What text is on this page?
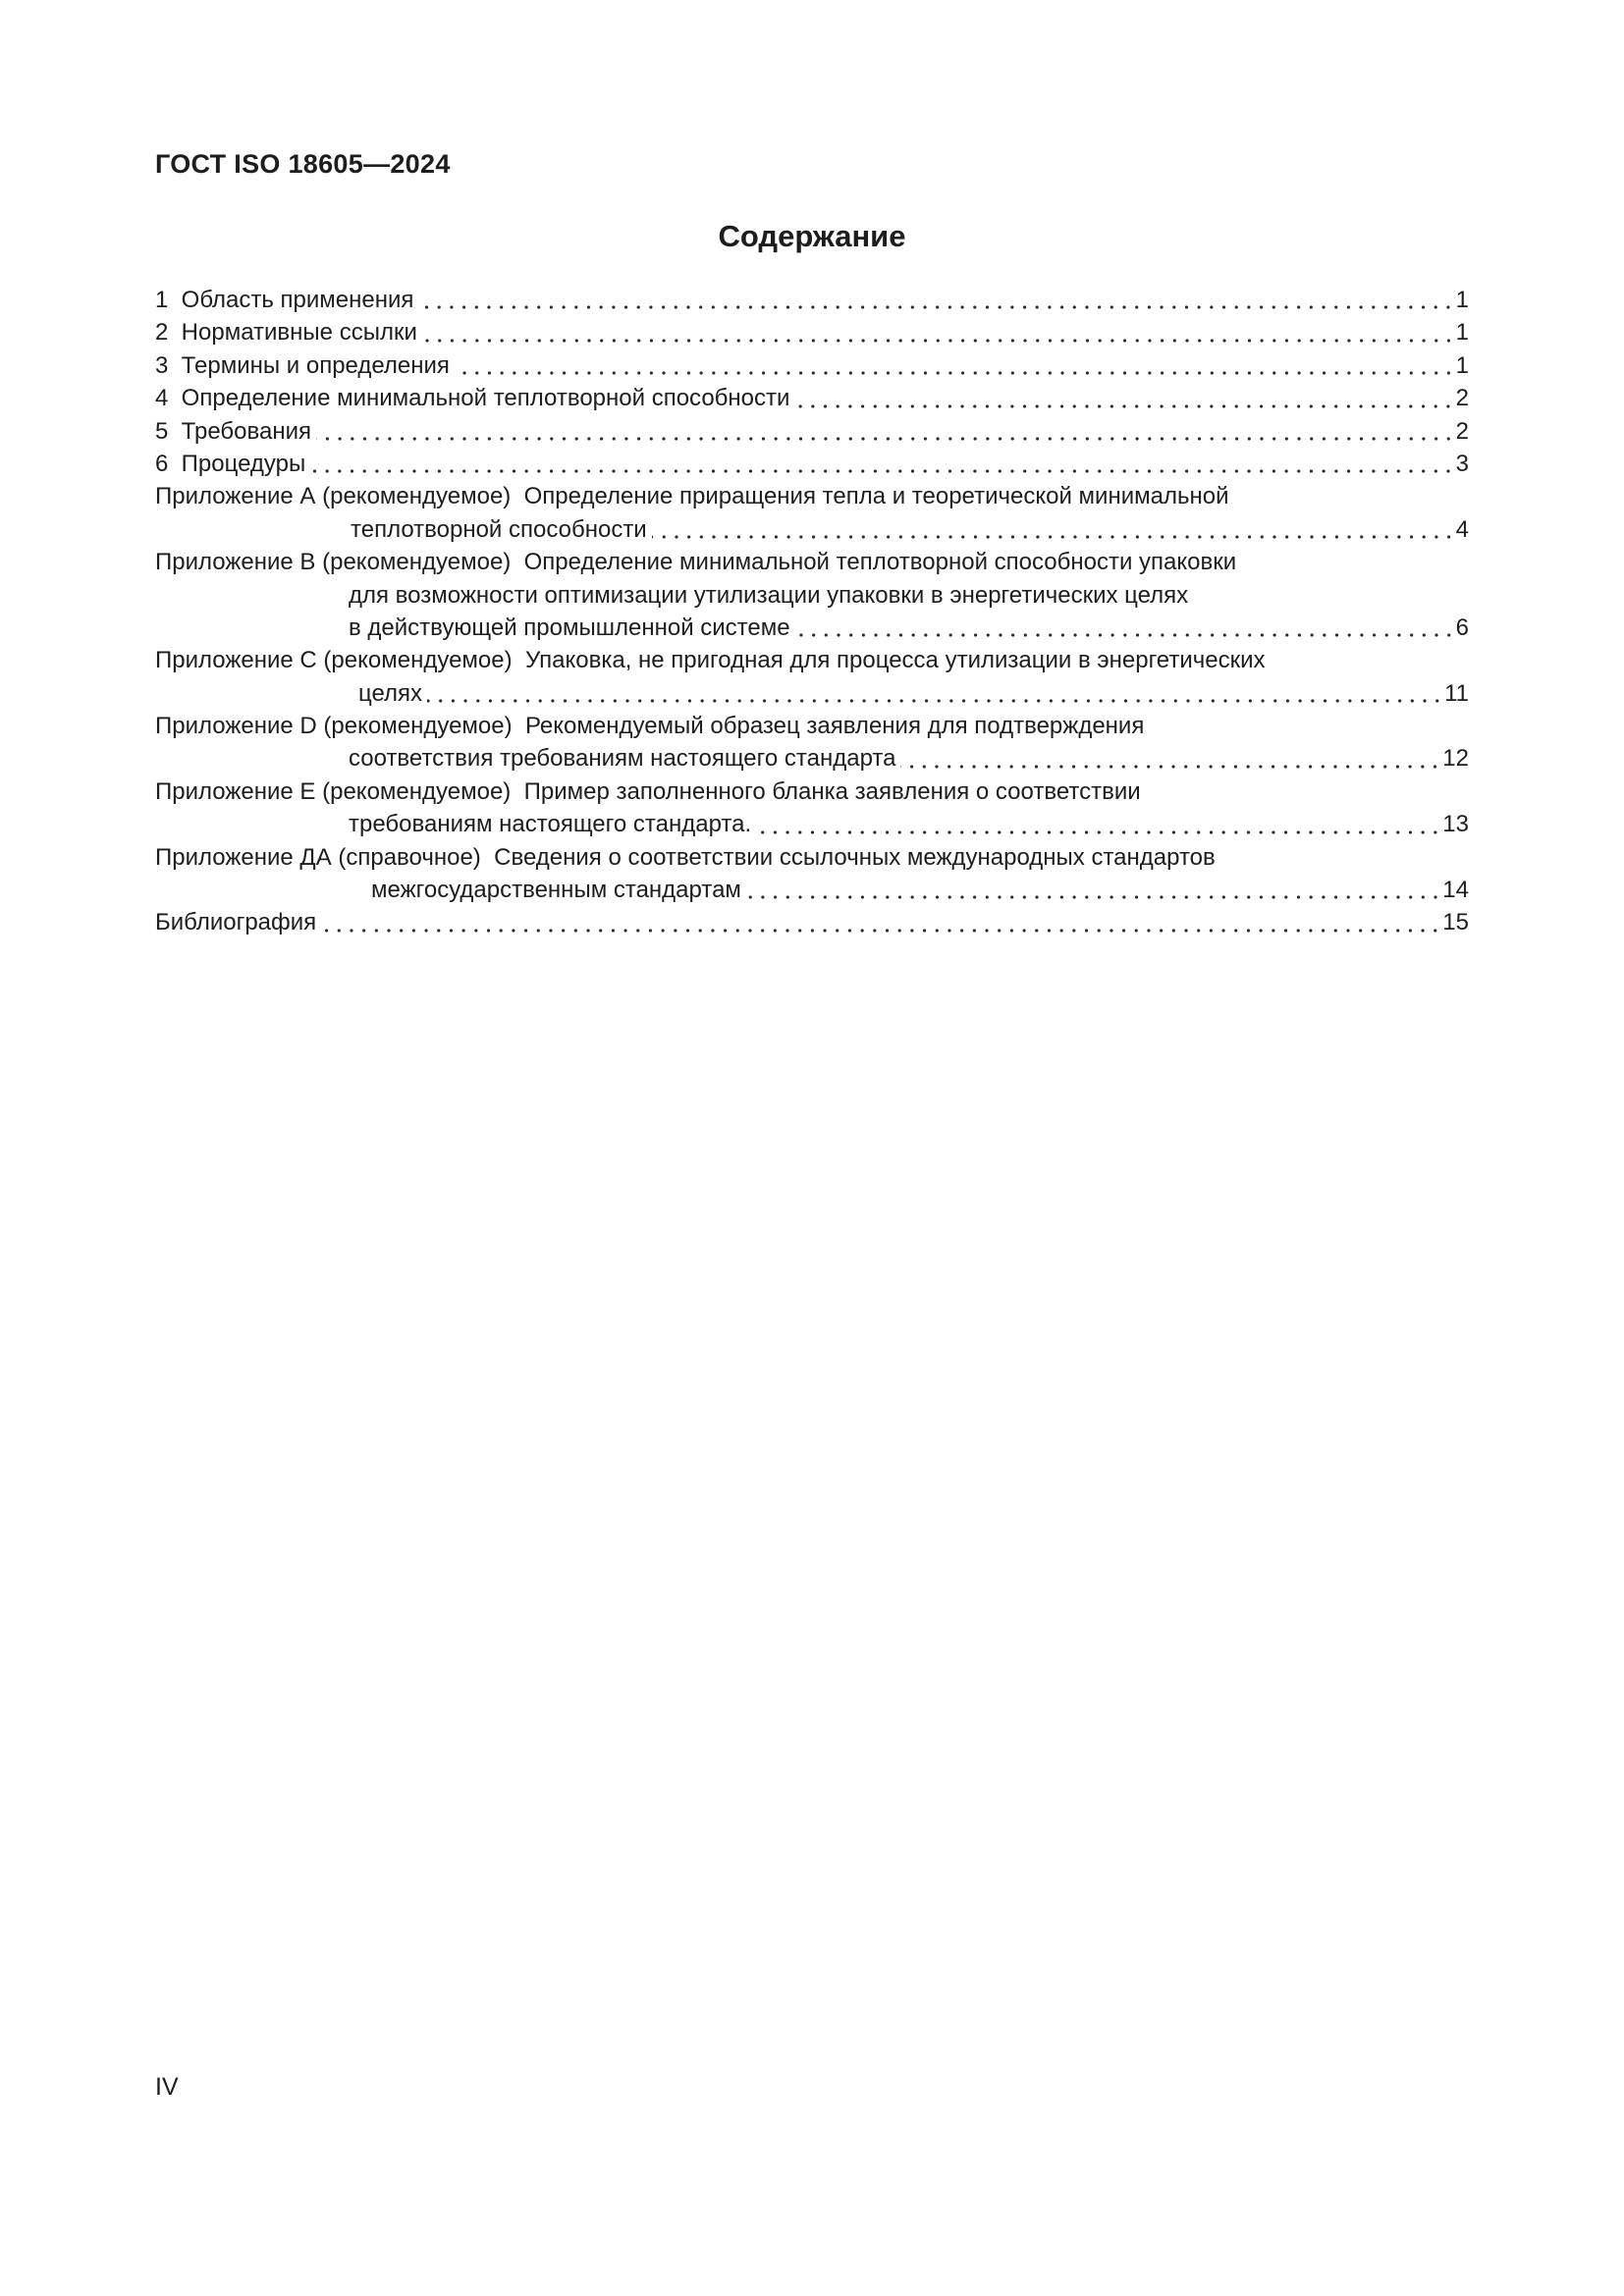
ГОСТ ISO 18605—2024
Содержание
1  Область применения	1
2  Нормативные ссылки	1
3  Термины и определения	1
4  Определение минимальной теплотворной способности	2
5  Требования	2
6  Процедуры	3
Приложение А (рекомендуемое)  Определение приращения тепла и теоретической минимальной
теплотворной способности	4
Приложение В (рекомендуемое)  Определение минимальной теплотворной способности упаковки
для возможности оптимизации утилизации упаковки в энергетических целях
в действующей промышленной системе	6
Приложение С (рекомендуемое)  Упаковка, не пригодная для процесса утилизации в энергетических
целях	11
Приложение D (рекомендуемое)  Рекомендуемый образец заявления для подтверждения
соответствия требованиям настоящего стандарта	12
Приложение Е (рекомендуемое)  Пример заполненного бланка заявления о соответствии
требованиям настоящего стандарта.	13
Приложение ДА (справочное)  Сведения о соответствии ссылочных международных стандартов
межгосударственным стандартам	14
Библиография	15
IV
